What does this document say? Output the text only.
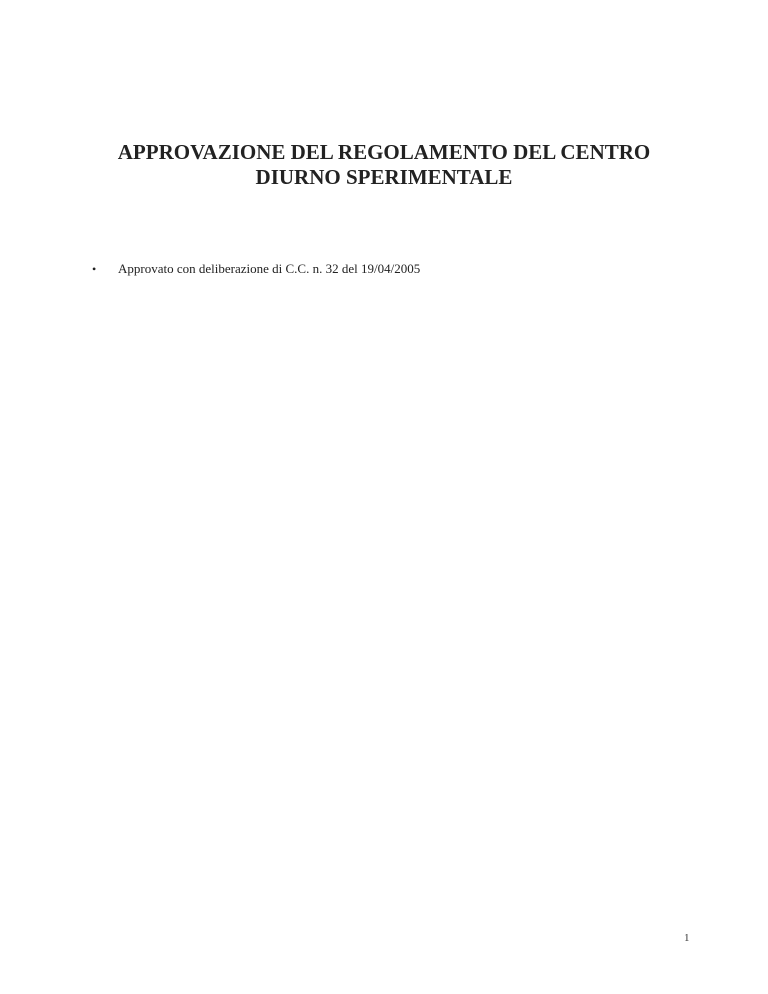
APPROVAZIONE DEL REGOLAMENTO DEL CENTRO
DIURNO SPERIMENTALE
•	Approvato con deliberazione di C.C. n. 32 del 19/04/2005
1
